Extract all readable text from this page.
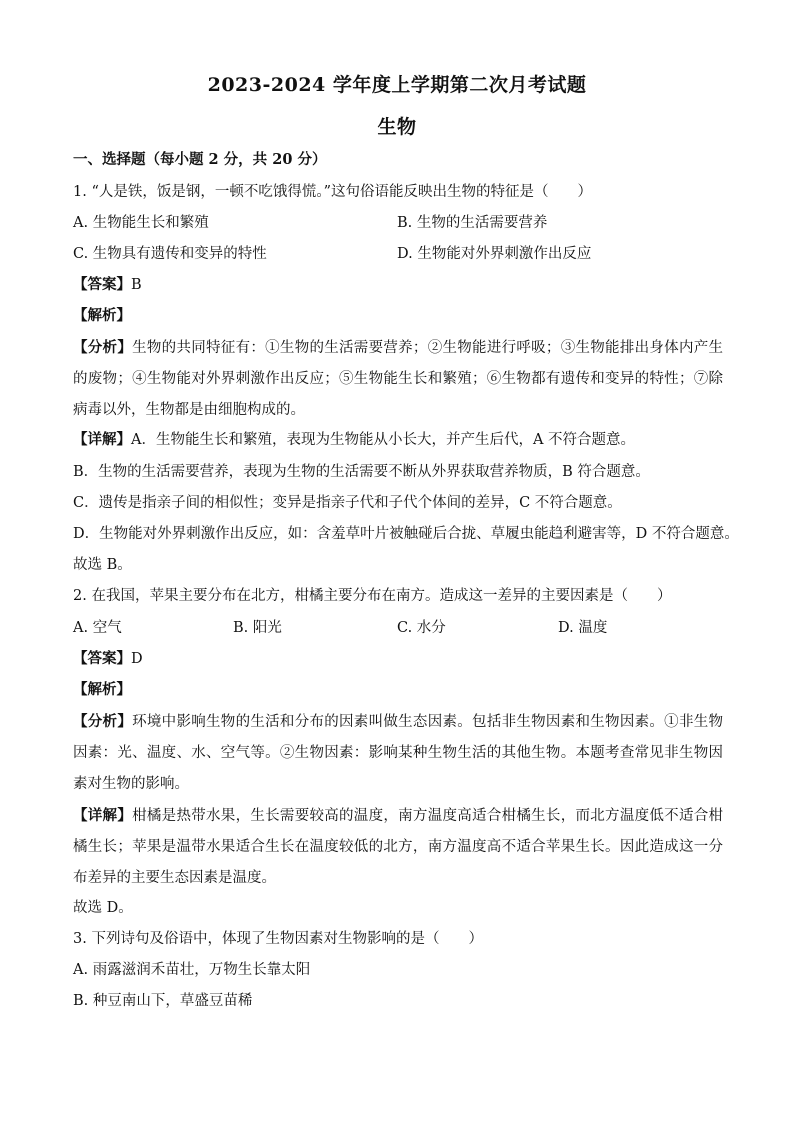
2023-2024 学年度上学期第二次月考试题
生物
一、选择题（每小题 2 分，共 20 分）
1. “人是铁，饭是钢，一顿不吃饿得慌。”这句俗语能反映出生物的特征是（　　）
A. 生物能生长和繁殖	B. 生物的生活需要营养
C. 生物具有遗传和变异的特性	D. 生物能对外界刺激作出反应
【答案】B
【解析】
【分析】生物的共同特征有：①生物的生活需要营养；②生物能进行呼吸；③生物能排出身体内产生的废物；④生物能对外界刺激作出反应；⑤生物能生长和繁殖；⑥生物都有遗传和变异的特性；⑦除病毒以外，生物都是由细胞构成的。
【详解】A．生物能生长和繁殖，表现为生物能从小长大，并产生后代，A 不符合题意。
B．生物的生活需要营养，表现为生物的生活需要不断从外界获取营养物质，B 符合题意。
C．遗传是指亲子间的相似性；变异是指亲子代和子代个体间的差异，C 不符合题意。
D．生物能对外界刺激作出反应，如：含羞草叶片被触碰后合拢、草履虫能趋利避害等，D 不符合题意。
故选 B。
2. 在我国，苹果主要分布在北方，柑橘主要分布在南方。造成这一差异的主要因素是（　　）
A. 空气	B. 阳光	C. 水分	D. 温度
【答案】D
【解析】
【分析】环境中影响生物的生活和分布的因素叫做生态因素。包括非生物因素和生物因素。①非生物因素：光、温度、水、空气等。②生物因素：影响某种生物生活的其他生物。本题考查常见非生物因素对生物的影响。
【详解】柑橘是热带水果，生长需要较高的温度，南方温度高适合柑橘生长，而北方温度低不适合柑橘生长；苹果是温带水果适合生长在温度较低的北方，南方温度高不适合苹果生长。因此造成这一分布差异的主要生态因素是温度。
故选 D。
3. 下列诗句及俗语中，体现了生物因素对生物影响的是（　　）
A. 雨露滋润禾苗壮，万物生长靠太阳
B. 种豆南山下，草盛豆苗稀
